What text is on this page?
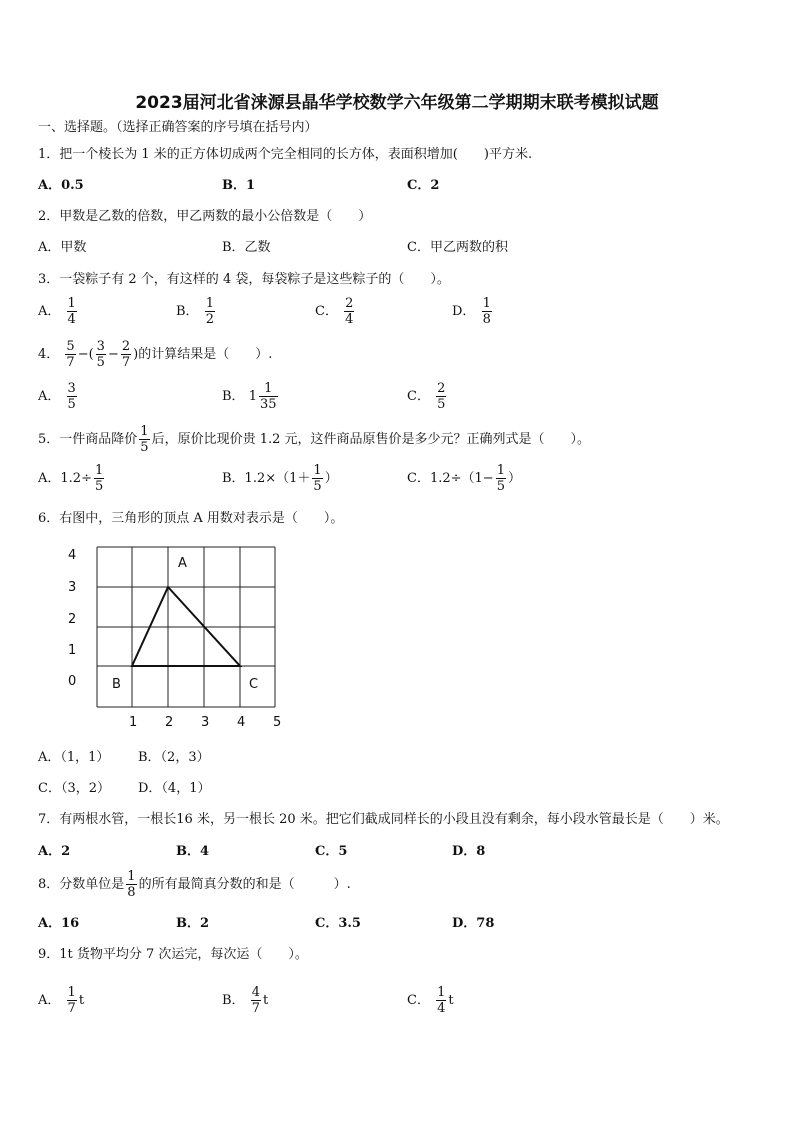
2023届河北省涞源县晶华学校数学六年级第二学期期末联考模拟试题
一、选择题。（选择正确答案的序号填在括号内）
1．把一个棱长为 1 米的正方体切成两个完全相同的长方体，表面积增加(　　)平方米.
A．0.5	B．1	C．2
2．甲数是乙数的倍数，甲乙两数的最小公倍数是（　　）
A．甲数	B．乙数	C．甲乙两数的积
3．一袋粽子有 2 个，有这样的 4 袋，每袋粽子是这些粽子的（　　）。
A． $\frac{1}{4}$	B． $\frac{1}{2}$	C． $\frac{2}{4}$	D． $\frac{1}{8}$
4． $\frac{5}{7}$ −( $\frac{3}{5} - \frac{2}{7}$ )的计算结果是（　　）.
A． $\frac{3}{5}$	B． $1 \frac{1}{35}$	C． $\frac{2}{5}$
5．一件商品降价 $\frac{1}{5}$ 后，原价比现价贵 1.2 元，这件商品原售价是多少元？正确列式是（　　）。
A．$1.2\div \frac{1}{5}$	B．$1.2\times(1+ \frac{1}{5}$ ）	C．$1.2\div(1- \frac{1}{5}$ ）
6．右图中，三角形的顶点 A 用数对表示是（　　）。
4
3
2
1
0
1 2 3 4 5
A
B	C
A．（1，1） B．（2，3）
C．（3，2） D．（4，1）
7．有两根水管，一根长16 米，另一根长 20 米。把它们截成同样长的小段且没有剩余，每小段水管最长是（　　）米。
A．2	B．4	C．5	D．8
8．分数单位是 $\frac{1}{8}$ 的所有最简真分数的和是（　　　）.
A．16	B．2	C．3.5	D．78
9．1t 货物平均分 7 次运完，每次运（　　）。
A． $\frac{1}{7}$ t	B． $\frac{4}{7}$ t	C． $\frac{1}{4}$ t
